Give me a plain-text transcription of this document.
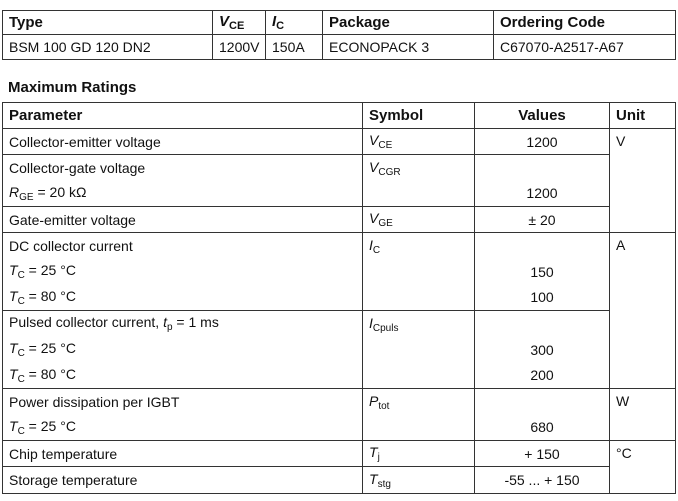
Type	$V_{CE}$	$I_C$	Package	Ordering Code
BSM 100 GD 120 DN2	1200V	150A	ECONOPACK 3	C67070-A2517-A67
Maximum Ratings
Parameter	Symbol	Values	Unit
Collector-emitter voltage	$V_{CE}$	1200	V
Collector-gate voltage	$V_{CGR}$	
$R_{GE} = 20$ kΩ		1200	
Gate-emitter voltage	$V_{GE}$	± 20	
DC collector current	$I_C$		A
$T_C = 25$ °C		150	
$T_C = 80$ °C		100	
Pulsed collector current, $t_p = 1$ ms	$I_{Cpuls}$	
$T_C = 25$ °C		300	
$T_C = 80$ °C		200	
Power dissipation per IGBT	$P_{tot}$		W
$T_C = 25$ °C		680	
Chip temperature	$T_j$	+ 150	°C
Storage temperature	$T_{stg}$	-55 ... + 150	
